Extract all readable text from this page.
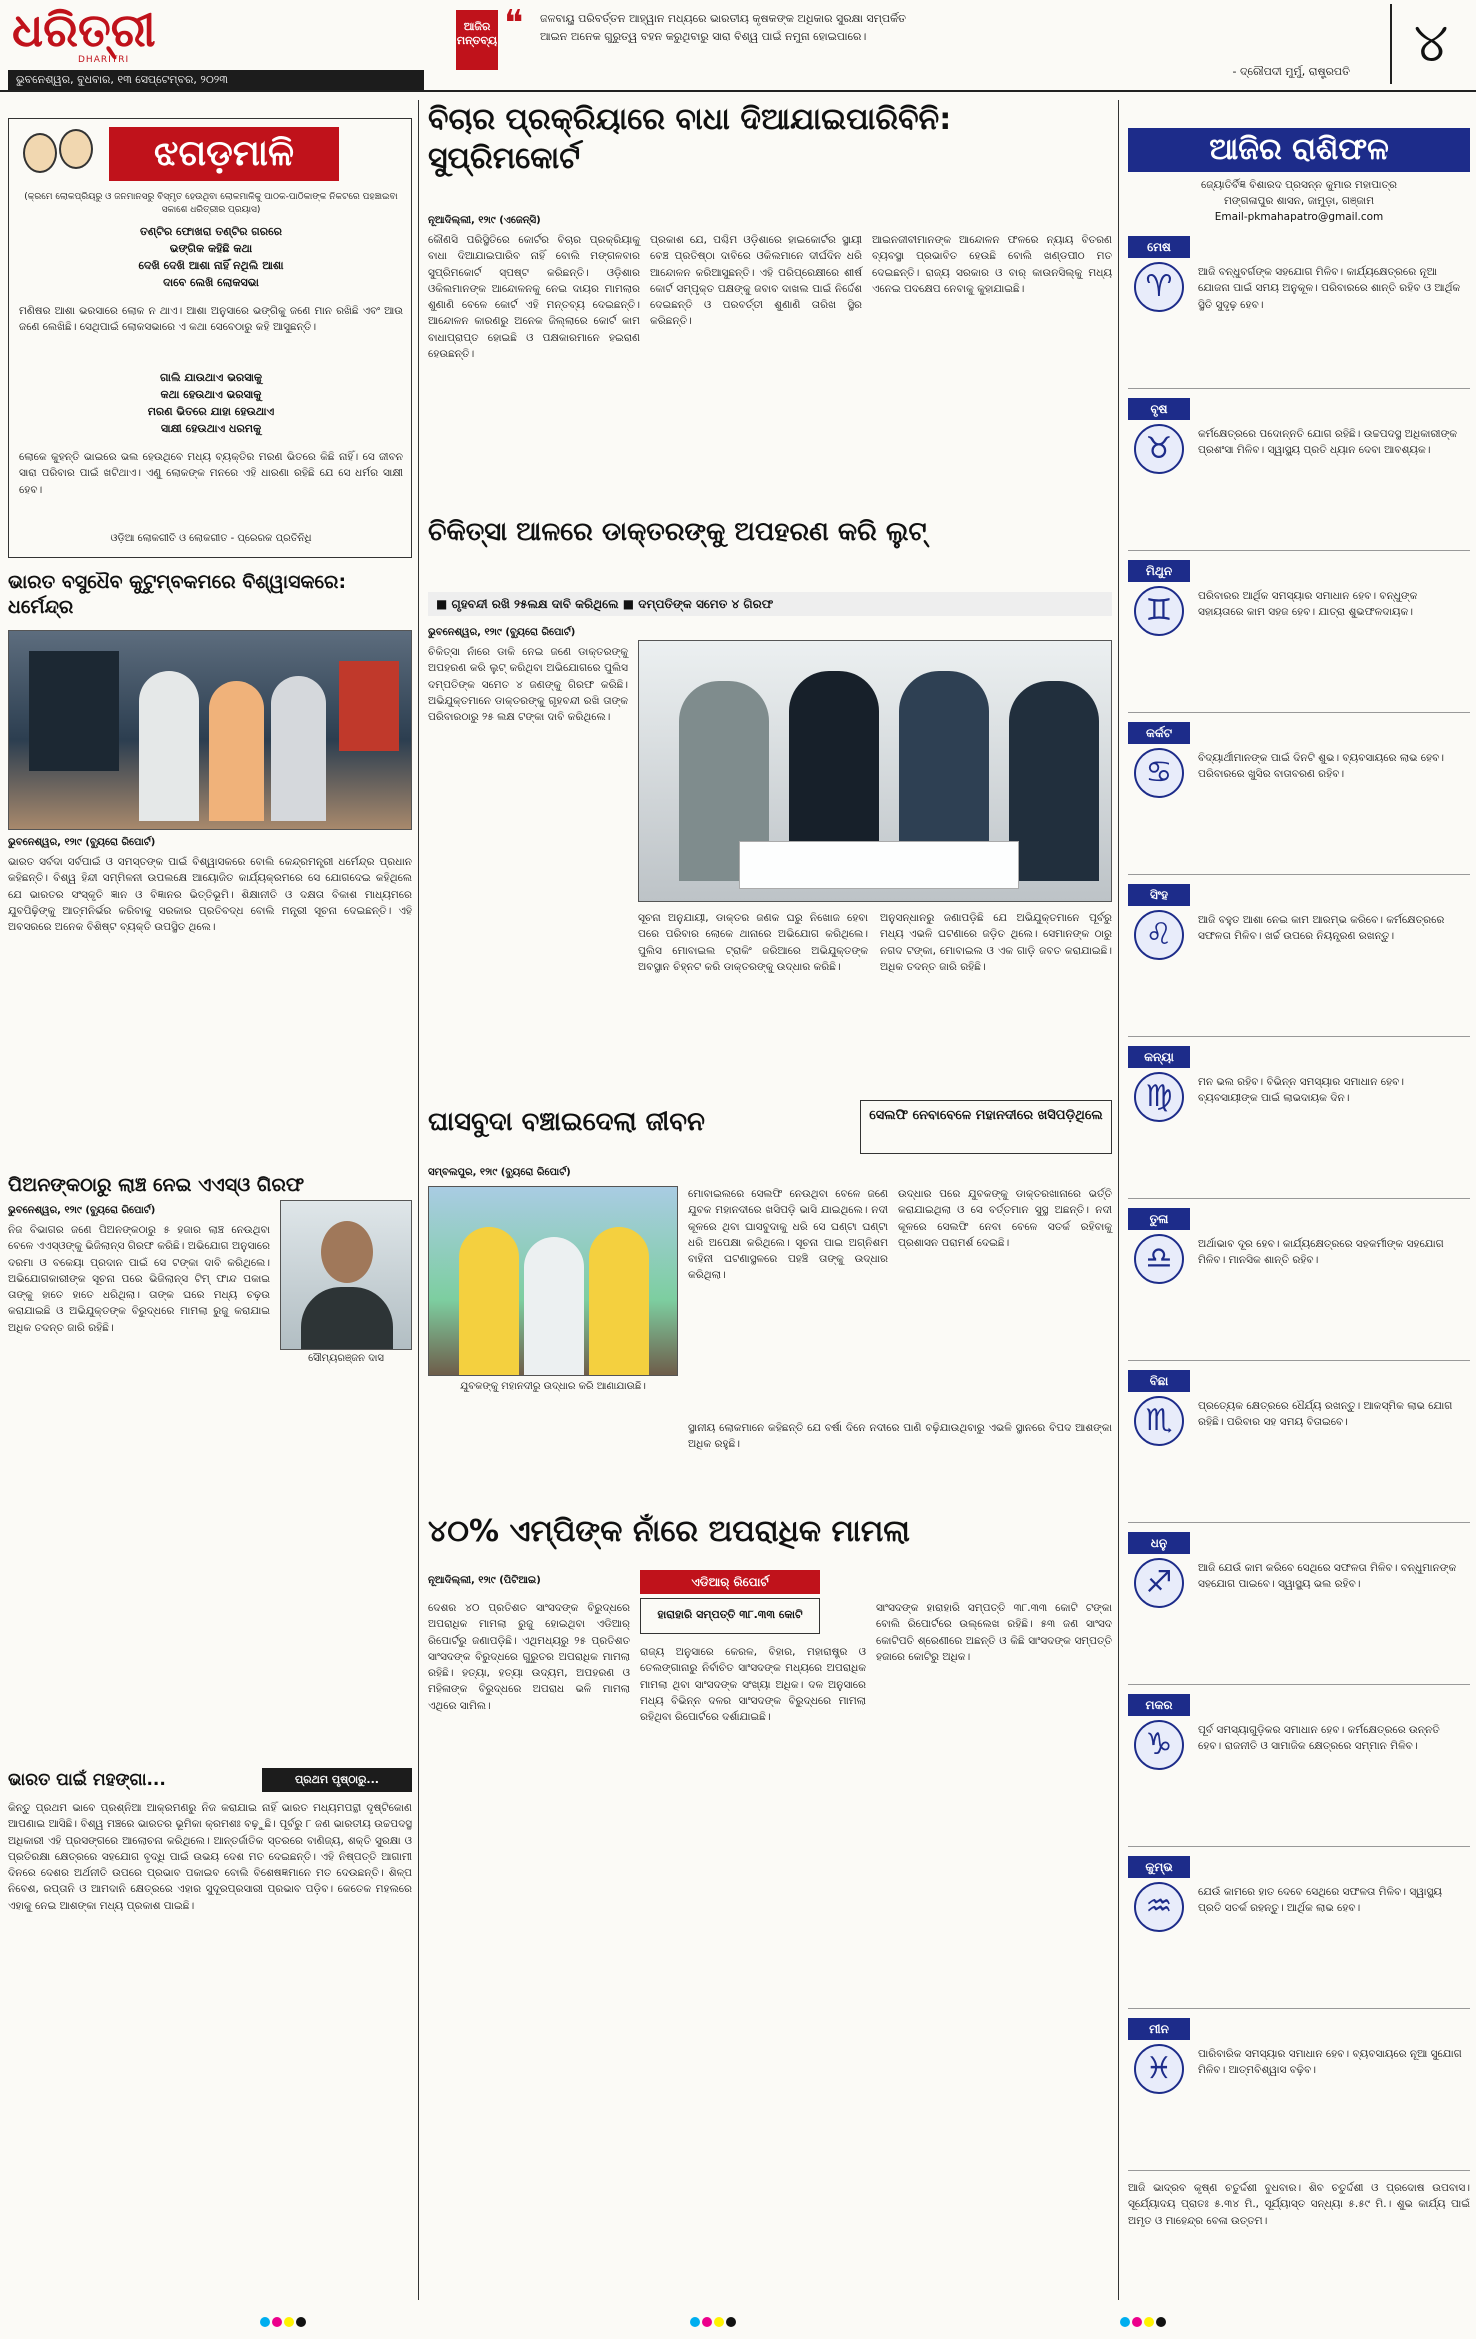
ଧରିତ୍ରୀ
DHARITRI
ଭୁବନେଶ୍ୱର, ବୁଧବାର, ୧୩ ସେପ୍ଟେମ୍ବର, ୨୦୨୩
ଆଜିର ମନ୍ତବ୍ୟ ❝ ଜଳବାୟୁ ପରିବର୍ତ୍ତନ ଆହ୍ୱାନ ମଧ୍ୟରେ ଭାରତୀୟ କୃଷକଙ୍କ ଅଧିକାର ସୁରକ୍ଷା ସମ୍ପର୍କିତ
ଆଇନ ଅନେକ ଗୁରୁତ୍ୱ ବହନ କରୁଥିବାରୁ ସାରା ବିଶ୍ୱ ପାଇଁ ନମୁନା ହୋଇପାରେ।
- ଦ୍ରୌପଦୀ ମୁର୍ମୁ, ରାଷ୍ଟ୍ରପତି	୪
ଝଗଡ଼ମାଳି
(କ୍ରମେ ଲୋକପ୍ରିୟରୁ ଓ ଜନମାନସରୁ ବିସ୍ମୃତ ହେଉଥିବା ଲୋକମାଳିକୁ ପାଠକ-ପାଠିକାଙ୍କ ନିକଟରେ ପହଞ୍ଚାଇବା ସକାଶେ ଧରିତ୍ରୀର ପ୍ରୟାସ)
ତଣ୍ଟିର ଫୋଖରା ତଣ୍ଟିର ଗରରେ
ଭଙ୍ଗିକ କହିଛି କଥା
ଦେଖି ଦେଖି ଆଶା ନାହିଁ ନଥିଲି ଆଶା
ଦାବେ ଲେଖି ଲୋକସଭା
ମଣିଷର ଆଶା ଭରସାରେ ଲୋକ ନ ଥାଏ। ଆଶା ଅନୁସାରେ ଭଙ୍ଗିକୁ ଜଣେ ମାନ ରଖିଛି ଏବଂ ଆଉ ଜଣେ ଲେଖିଛି। ସେଥିପାଇଁ ଲୋକସଭାରେ ଏ କଥା ସେବେଠାରୁ କହି ଆସୁଛନ୍ତି।
ଗାଲି ଯାଉଥାଏ ଭରସାକୁ
କଥା ହେଉଥାଏ ଭରସାକୁ
ମରଣ ଭିତରେ ଯାହା ହେଉଥାଏ
ସାକ୍ଷୀ ହେଉଥାଏ ଧରମକୁ
ଲୋକେ କୁହନ୍ତି ଭାଇରେ ଭଲ ହେଉଥିବେ ମଧ୍ୟ ବ୍ୟକ୍ତିର ମରଣ ଭିତରେ କିଛି ନାହିଁ। ସେ ଜୀବନ ସାରା ପରିବାର ପାଇଁ ଖଟିଥାଏ। ଏଣୁ ଲୋକଙ୍କ ମନରେ ଏହି ଧାରଣା ରହିଛି ଯେ ସେ ଧର୍ମର ସାକ୍ଷୀ ହେବ।
ଓଡ଼ିଆ ଲୋକଗୀତି ଓ ଲୋକଗୀତ - ପ୍ରେରକ ପ୍ରତିନିଧି
ଭାରତ ବସୁଧୈବ କୁଟୁମ୍ବକମରେ ବିଶ୍ୱାସକରେ: ଧର୍ମେନ୍ଦ୍ର
ଭୁବନେଶ୍ୱର, ୧୨ା୯ (ବ୍ୟୁରୋ ରିପୋର୍ଟ)
ଭାରତ ସର୍ବଦା ସର୍ବପାଇଁ ଓ ସମସ୍ତଙ୍କ ପାଇଁ ବିଶ୍ୱାସକରେ ବୋଲି କେନ୍ଦ୍ରମନ୍ତ୍ରୀ ଧର୍ମେନ୍ଦ୍ର ପ୍ରଧାନ କହିଛନ୍ତି। ବିଶ୍ୱ ହିନ୍ଦୀ ସମ୍ମିଳନୀ ଉପଲକ୍ଷେ ଆୟୋଜିତ କାର୍ଯ୍ୟକ୍ରମରେ ସେ ଯୋଗଦେଇ କହିଥିଲେ ଯେ ଭାରତର ସଂସ୍କୃତି ଜ୍ଞାନ ଓ ବିଜ୍ଞାନର ଭିତ୍ତିଭୂମି। ଶିକ୍ଷାନୀତି ଓ ଦକ୍ଷତା ବିକାଶ ମାଧ୍ୟମରେ ଯୁବପିଢ଼ିଙ୍କୁ ଆତ୍ମନିର୍ଭର କରିବାକୁ ସରକାର ପ୍ରତିବଦ୍ଧ ବୋଲି ମନ୍ତ୍ରୀ ସୂଚନା ଦେଇଛନ୍ତି। ଏହି ଅବସରରେ ଅନେକ ବିଶିଷ୍ଟ ବ୍ୟକ୍ତି ଉପସ୍ଥିତ ଥିଲେ।
ପିଅନଙ୍କଠାରୁ ଲାଞ୍ଚ ନେଇ ଏଏସ୍‌ଓ ଗିରଫ
ଭୁବନେଶ୍ୱର, ୧୨ା୯ (ବ୍ୟୁରୋ ରିପୋର୍ଟ)
ନିଜ ବିଭାଗର ଜଣେ ପିଅନଙ୍କଠାରୁ ୫ ହଜାର ଲାଞ୍ଚ ନେଉଥିବା ବେଳେ ଏଏସ୍‌ଓଙ୍କୁ ଭିଜିଲାନ୍ସ ଗିରଫ କରିଛି। ଅଭିଯୋଗ ଅନୁସାରେ ଦରମା ଓ ବକେୟା ପ୍ରଦାନ ପାଇଁ ସେ ଟଙ୍କା ଦାବି କରିଥିଲେ। ଅଭିଯୋଗକାରୀଙ୍କ ସୂଚନା ପରେ ଭିଜିଲାନ୍ସ ଟିମ୍ ଫାନ୍ଦ ପକାଇ ତାଙ୍କୁ ହାତେ ହାତେ ଧରିଥିଲା। ତାଙ୍କ ଘରେ ମଧ୍ୟ ଚଢ଼ଉ କରାଯାଇଛି ଓ ଅଭିଯୁକ୍ତଙ୍କ ବିରୁଦ୍ଧରେ ମାମଲା ରୁଜୁ କରାଯାଇ ଅଧିକ ତଦନ୍ତ ଜାରି ରହିଛି।
ସୌମ୍ୟରଞ୍ଜନ ଦାସ
ଭାରତ ପାଇଁ ମହଙ୍ଗା...	ପ୍ରଥମ ପୃଷ୍ଠାରୁ...
କିନ୍ତୁ ପ୍ରଥମ ଭାବେ ପ୍ରଶ୍ନିଆ ଆକ୍ରମଣରୁ ନିଜ କରାଯାଇ ନାହିଁ ଭାରତ ମଧ୍ୟମପନ୍ଥୀ ଦୃଷ୍ଟିକୋଣ ଆପଣାଇ ଆସିଛି। ବିଶ୍ୱ ମଞ୍ଚରେ ଭାରତର ଭୂମିକା କ୍ରମଶଃ ବଢ଼ୁଛି। ପୂର୍ବରୁ ୮ ଜଣ ଭାରତୀୟ ଉଚ୍ଚପଦସ୍ଥ ଅଧିକାରୀ ଏହି ପ୍ରସଙ୍ଗରେ ଆଲୋଚନା କରିଥିଲେ। ଆନ୍ତର୍ଜାତିକ ସ୍ତରରେ ବାଣିଜ୍ୟ, ଶକ୍ତି ସୁରକ୍ଷା ଓ ପ୍ରତିରକ୍ଷା କ୍ଷେତ୍ରରେ ସହଯୋଗ ବୃଦ୍ଧି ପାଇଁ ଉଭୟ ଦେଶ ମତ ଦେଇଛନ୍ତି। ଏହି ନିଷ୍ପତ୍ତି ଆଗାମୀ ଦିନରେ ଦେଶର ଅର୍ଥନୀତି ଉପରେ ପ୍ରଭାବ ପକାଇବ ବୋଲି ବିଶେଷଜ୍ଞମାନେ ମତ ଦେଉଛନ୍ତି। ଶିଳ୍ପ ନିବେଶ, ରପ୍ତାନି ଓ ଆମଦାନି କ୍ଷେତ୍ରରେ ଏହାର ସୁଦୂରପ୍ରସାରୀ ପ୍ରଭାବ ପଡ଼ିବ। କେତେକ ମହଲରେ ଏହାକୁ ନେଇ ଆଶଙ୍କା ମଧ୍ୟ ପ୍ରକାଶ ପାଇଛି।
ବିଚାର ପ୍ରକ୍ରିୟାରେ ବାଧା ଦିଆଯାଇପାରିବିନି: ସୁପ୍ରିମକୋର୍ଟ
ନୂଆଦିଲ୍ଲୀ, ୧୨ା୯ (ଏଜେନ୍ସି)
କୌଣସି ପରିସ୍ଥିତିରେ କୋର୍ଟର ବିଚାର ପ୍ରକ୍ରିୟାକୁ ବାଧା ଦିଆଯାଇପାରିବ ନାହିଁ ବୋଲି ମଙ୍ଗଳବାର ସୁପ୍ରିମକୋର୍ଟ ସ୍ପଷ୍ଟ କରିଛନ୍ତି। ଓଡ଼ିଶାର ଓକିଲମାନଙ୍କ ଆନ୍ଦୋଳନକୁ ନେଇ ଦାୟର ମାମଲାର ଶୁଣାଣି ବେଳେ କୋର୍ଟ ଏହି ମନ୍ତବ୍ୟ ଦେଇଛନ୍ତି। ଆନ୍ଦୋଳନ କାରଣରୁ ଅନେକ ଜିଲ୍ଲାରେ କୋର୍ଟ କାମ ବାଧାପ୍ରାପ୍ତ ହୋଇଛି ଓ ପକ୍ଷକାରମାନେ ହଇରାଣ ହେଉଛନ୍ତି।
ପ୍ରକାଶ ଯେ, ପଶ୍ଚିମ ଓଡ଼ିଶାରେ ହାଇକୋର୍ଟର ସ୍ଥାୟୀ ବେଞ୍ଚ ପ୍ରତିଷ୍ଠା ଦାବିରେ ଓକିଲମାନେ ଦୀର୍ଘଦିନ ଧରି ଆନ୍ଦୋଳନ କରିଆସୁଛନ୍ତି। ଏହି ପରିପ୍ରେକ୍ଷୀରେ ଶୀର୍ଷ କୋର୍ଟ ସମ୍ପୃକ୍ତ ପକ୍ଷଙ୍କୁ ଜବାବ ଦାଖଲ ପାଇଁ ନିର୍ଦ୍ଦେଶ ଦେଇଛନ୍ତି ଓ ପରବର୍ତ୍ତୀ ଶୁଣାଣି ତାରିଖ ସ୍ଥିର କରିଛନ୍ତି।
ଆଇନଜୀବୀମାନଙ୍କ ଆନ୍ଦୋଳନ ଫଳରେ ନ୍ୟାୟ ବିତରଣ ବ୍ୟବସ୍ଥା ପ୍ରଭାବିତ ହେଉଛି ବୋଲି ଖଣ୍ଡପୀଠ ମତ ଦେଇଛନ୍ତି। ରାଜ୍ୟ ସରକାର ଓ ବାର୍ କାଉନସିଲ୍‌କୁ ମଧ୍ୟ ଏନେଇ ପଦକ୍ଷେପ ନେବାକୁ କୁହାଯାଇଛି।
ଚିକିତ୍ସା ଆଳରେ ଡାକ୍ତରଙ୍କୁ ଅପହରଣ କରି ଲୁଟ୍
■ ଗୃହବନ୍ଦୀ ରଖି ୨୫ଲକ୍ଷ ଦାବି କରିଥିଲେ ■ ଦମ୍ପତିଙ୍କ ସମେତ ୪ ଗିରଫ
ଭୁବନେଶ୍ୱର, ୧୨ା୯ (ବ୍ୟୁରୋ ରିପୋର୍ଟ)
ଚିକିତ୍ସା ନାଁରେ ଡାକି ନେଇ ଜଣେ ଡାକ୍ତରଙ୍କୁ ଅପହରଣ କରି ଲୁଟ୍ କରିଥିବା ଅଭିଯୋଗରେ ପୁଲିସ ଦମ୍ପତିଙ୍କ ସମେତ ୪ ଜଣଙ୍କୁ ଗିରଫ କରିଛି। ଅଭିଯୁକ୍ତମାନେ ଡାକ୍ତରଙ୍କୁ ଗୃହବନ୍ଦୀ ରଖି ତାଙ୍କ ପରିବାରଠାରୁ ୨୫ ଲକ୍ଷ ଟଙ୍କା ଦାବି କରିଥିଲେ।
ସୂଚନା ଅନୁଯାୟୀ, ଡାକ୍ତର ଜଣକ ଘରୁ ନିଖୋଜ ହେବା ପରେ ପରିବାର ଲୋକେ ଥାନାରେ ଅଭିଯୋଗ କରିଥିଲେ। ପୁଲିସ ମୋବାଇଲ ଟ୍ରାକିଂ ଜରିଆରେ ଅଭିଯୁକ୍ତଙ୍କ ଅବସ୍ଥାନ ଚିହ୍ନଟ କରି ଡାକ୍ତରଙ୍କୁ ଉଦ୍ଧାର କରିଛି।
ଅନୁସନ୍ଧାନରୁ ଜଣାପଡ଼ିଛି ଯେ ଅଭିଯୁକ୍ତମାନେ ପୂର୍ବରୁ ମଧ୍ୟ ଏଭଳି ଘଟଣାରେ ଜଡ଼ିତ ଥିଲେ। ସେମାନଙ୍କ ଠାରୁ ନଗଦ ଟଙ୍କା, ମୋବାଇଲ ଓ ଏକ ଗାଡ଼ି ଜବତ କରାଯାଇଛି। ଅଧିକ ତଦନ୍ତ ଜାରି ରହିଛି।
ଘାସବୁଦା ବଞ୍ଚାଇଦେଲା ଜୀବନ	ସେଲଫି ନେବାବେଳେ ମହାନଦୀରେ ଖସିପଡ଼ିଥିଲେ
ସମ୍ବଲପୁର, ୧୨ା୯ (ବ୍ୟୁରୋ ରିପୋର୍ଟ)
ଯୁବକଙ୍କୁ ମହାନଦୀରୁ ଉଦ୍ଧାର କରି ଆଣାଯାଉଛି।
ମୋବାଇଲରେ ସେଲଫି ନେଉଥିବା ବେଳେ ଜଣେ ଯୁବକ ମହାନଦୀରେ ଖସିପଡ଼ି ଭାସି ଯାଇଥିଲେ। ନଦୀ କୂଳରେ ଥିବା ଘାସବୁଦାକୁ ଧରି ସେ ଘଣ୍ଟା ଘଣ୍ଟା ଧରି ଅପେକ୍ଷା କରିଥିଲେ। ସୂଚନା ପାଇ ଅଗ୍ନିଶମ ବାହିନୀ ଘଟଣାସ୍ଥଳରେ ପହଞ୍ଚି ତାଙ୍କୁ ଉଦ୍ଧାର କରିଥିଲା।
ଉଦ୍ଧାର ପରେ ଯୁବକଙ୍କୁ ଡାକ୍ତରଖାନାରେ ଭର୍ତ୍ତି କରାଯାଇଥିଲା ଓ ସେ ବର୍ତ୍ତମାନ ସୁସ୍ଥ ଅଛନ୍ତି। ନଦୀ କୂଳରେ ସେଲଫି ନେବା ବେଳେ ସତର୍କ ରହିବାକୁ ପ୍ରଶାସନ ପରାମର୍ଶ ଦେଇଛି।
ସ୍ଥାନୀୟ ଲୋକମାନେ କହିଛନ୍ତି ଯେ ବର୍ଷା ଦିନେ ନଦୀରେ ପାଣି ବଢ଼ିଯାଉଥିବାରୁ ଏଭଳି ସ୍ଥାନରେ ବିପଦ ଆଶଙ୍କା ଅଧିକ ରହୁଛି।
୪୦% ଏମ୍‌ପିଙ୍କ ନାଁରେ ଅପରାଧିକ ମାମଲା
ନୂଆଦିଲ୍ଲୀ, ୧୨ା୯ (ପିଟିଆଇ)	ଏଡିଆର୍ ରିପୋର୍ଟ
ହାରାହାରି ସମ୍ପତ୍ତି ୩୮.୩୩ କୋଟି
ଦେଶର ୪୦ ପ୍ରତିଶତ ସାଂସଦଙ୍କ ବିରୁଦ୍ଧରେ ଅପରାଧିକ ମାମଲା ରୁଜୁ ହୋଇଥିବା ଏଡିଆର୍ ରିପୋର୍ଟରୁ ଜଣାପଡ଼ିଛି। ଏଥିମଧ୍ୟରୁ ୨୫ ପ୍ରତିଶତ ସାଂସଦଙ୍କ ବିରୁଦ୍ଧରେ ଗୁରୁତର ଅପରାଧିକ ମାମଲା ରହିଛି। ହତ୍ୟା, ହତ୍ୟା ଉଦ୍ୟମ, ଅପହରଣ ଓ ମହିଳାଙ୍କ ବିରୁଦ୍ଧରେ ଅପରାଧ ଭଳି ମାମଲା ଏଥିରେ ସାମିଲ।
ରାଜ୍ୟ ଅନୁସାରେ କେରଳ, ବିହାର, ମହାରାଷ୍ଟ୍ର ଓ ତେଲଙ୍ଗାନାରୁ ନିର୍ବାଚିତ ସାଂସଦଙ୍କ ମଧ୍ୟରେ ଅପରାଧିକ ମାମଲା ଥିବା ସାଂସଦଙ୍କ ସଂଖ୍ୟା ଅଧିକ। ଦଳ ଅନୁସାରେ ମଧ୍ୟ ବିଭିନ୍ନ ଦଳର ସାଂସଦଙ୍କ ବିରୁଦ୍ଧରେ ମାମଲା ରହିଥିବା ରିପୋର୍ଟରେ ଦର୍ଶାଯାଇଛି।
ସାଂସଦଙ୍କ ହାରାହାରି ସମ୍ପତ୍ତି ୩୮.୩୩ କୋଟି ଟଙ୍କା ବୋଲି ରିପୋର୍ଟରେ ଉଲ୍ଲେଖ ରହିଛି। ୫୩ ଜଣ ସାଂସଦ କୋଟିପତି ଶ୍ରେଣୀରେ ଅଛନ୍ତି ଓ କିଛି ସାଂସଦଙ୍କ ସମ୍ପତ୍ତି ହଜାରେ କୋଟିରୁ ଅଧିକ।
ଆଜିର ରାଶିଫଳ
ଜ୍ୟୋତିର୍ବିଜ୍ଞ ବିଶାରଦ ପ୍ରସନ୍ନ କୁମାର ମହାପାତ୍ର
ମଙ୍ଗଳାପୁର ଶାସନ, ଜାମୁଡ଼ା, ଗଞ୍ଜାମ
Email-pkmahapatro@gmail.com
ମେଷ
♈	ଆଜି ବନ୍ଧୁବର୍ଗଙ୍କ ସହଯୋଗ ମିଳିବ। କାର୍ଯ୍ୟକ୍ଷେତ୍ରରେ ନୂଆ ଯୋଜନା ପାଇଁ ସମୟ ଅନୁକୂଳ। ପରିବାରରେ ଶାନ୍ତି ରହିବ ଓ ଆର୍ଥିକ ସ୍ଥିତି ସୁଦୃଢ଼ ହେବ।
ବୃଷ
♉	କର୍ମକ୍ଷେତ୍ରରେ ପଦୋନ୍ନତି ଯୋଗ ରହିଛି। ଉଚ୍ଚପଦସ୍ଥ ଅଧିକାରୀଙ୍କ ପ୍ରଶଂସା ମିଳିବ। ସ୍ୱାସ୍ଥ୍ୟ ପ୍ରତି ଧ୍ୟାନ ଦେବା ଆବଶ୍ୟକ।
ମିଥୁନ
♊	ପରିବାରର ଆର୍ଥିକ ସମସ୍ୟାର ସମାଧାନ ହେବ। ବନ୍ଧୁଙ୍କ ସହାୟତାରେ କାମ ସହଜ ହେବ। ଯାତ୍ରା ଶୁଭଫଳଦାୟକ।
କର୍କଟ
♋	ବିଦ୍ୟାର୍ଥୀମାନଙ୍କ ପାଇଁ ଦିନଟି ଶୁଭ। ବ୍ୟବସାୟରେ ଲାଭ ହେବ। ପରିବାରରେ ଖୁସିର ବାତାବରଣ ରହିବ।
ସିଂହ
♌	ଆଜି ବହୁତ ଆଶା ନେଇ କାମ ଆରମ୍ଭ କରିବେ। କର୍ମକ୍ଷେତ୍ରରେ ସଫଳତା ମିଳିବ। ଖର୍ଚ୍ଚ ଉପରେ ନିୟନ୍ତ୍ରଣ ରଖନ୍ତୁ।
କନ୍ୟା
♍	ମନ ଭଲ ରହିବ। ବିଭିନ୍ନ ସମସ୍ୟାର ସମାଧାନ ହେବ। ବ୍ୟବସାୟୀଙ୍କ ପାଇଁ ଲାଭଦାୟକ ଦିନ।
ତୁଳା
♎	ଅର୍ଥାଭାବ ଦୂର ହେବ। କାର୍ଯ୍ୟକ୍ଷେତ୍ରରେ ସହକର୍ମୀଙ୍କ ସହଯୋଗ ମିଳିବ। ମାନସିକ ଶାନ୍ତି ରହିବ।
ବିଛା
♏	ପ୍ରତ୍ୟେକ କ୍ଷେତ୍ରରେ ଧୈର୍ଯ୍ୟ ରଖନ୍ତୁ। ଆକସ୍ମିକ ଲାଭ ଯୋଗ ରହିଛି। ପରିବାର ସହ ସମୟ ବିତାଇବେ।
ଧନୁ
♐	ଆଜି ଯେଉଁ କାମ କରିବେ ସେଥିରେ ସଫଳତା ମିଳିବ। ବନ୍ଧୁମାନଙ୍କ ସହଯୋଗ ପାଇବେ। ସ୍ୱାସ୍ଥ୍ୟ ଭଲ ରହିବ।
ମକର
♑	ପୂର୍ବ ସମସ୍ୟାଗୁଡ଼ିକର ସମାଧାନ ହେବ। କର୍ମକ୍ଷେତ୍ରରେ ଉନ୍ନତି ହେବ। ରାଜନୀତି ଓ ସାମାଜିକ କ୍ଷେତ୍ରରେ ସମ୍ମାନ ମିଳିବ।
କୁମ୍ଭ
♒	ଯେଉଁ କାମରେ ହାତ ଦେବେ ସେଥିରେ ସଫଳତା ମିଳିବ। ସ୍ୱାସ୍ଥ୍ୟ ପ୍ରତି ସତର୍କ ରହନ୍ତୁ। ଆର୍ଥିକ ଲାଭ ହେବ।
ମୀନ
♓	ପାରିବାରିକ ସମସ୍ୟାର ସମାଧାନ ହେବ। ବ୍ୟବସାୟରେ ନୂଆ ସୁଯୋଗ ମିଳିବ। ଆତ୍ମବିଶ୍ୱାସ ବଢ଼ିବ।
ଆଜି ଭାଦ୍ରବ କୃଷ୍ଣ ଚତୁର୍ଦ୍ଦଶୀ ବୁଧବାର। ଶିବ ଚତୁର୍ଦ୍ଦଶୀ ଓ ପ୍ରଦୋଷ ଉପବାସ। ସୂର୍ଯ୍ୟୋଦୟ ପ୍ରାତଃ ୫.୩୪ ମି., ସୂର୍ଯ୍ୟାସ୍ତ ସନ୍ଧ୍ୟା ୫.୫୯ ମି.। ଶୁଭ କାର୍ଯ୍ୟ ପାଇଁ ଅମୃତ ଓ ମାହେନ୍ଦ୍ର ବେଳା ଉତ୍ତମ।
